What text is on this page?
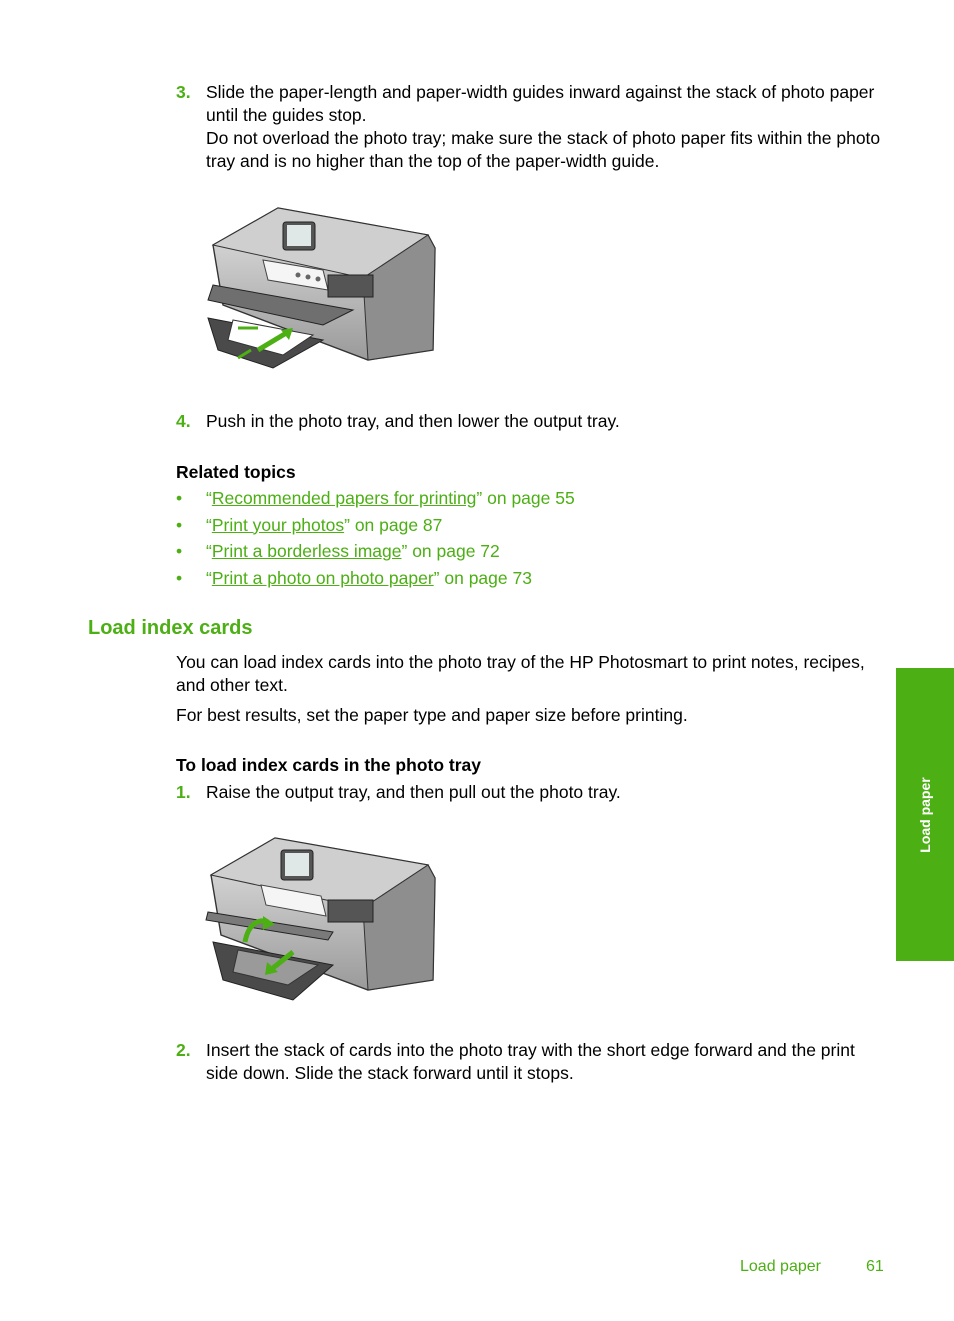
3. Slide the paper-length and paper-width guides inward against the stack of photo paper until the guides stop.
Do not overload the photo tray; make sure the stack of photo paper fits within the photo tray and is no higher than the top of the paper-width guide.
4. Push in the photo tray, and then lower the output tray.
Related topics
• “Recommended papers for printing” on page 55
• “Print your photos” on page 87
• “Print a borderless image” on page 72
• “Print a photo on photo paper” on page 73
Load index cards
You can load index cards into the photo tray of the HP Photosmart to print notes, recipes, and other text.
For best results, set the paper type and paper size before printing.
To load index cards in the photo tray
1. Raise the output tray, and then pull out the photo tray.
2. Insert the stack of cards into the photo tray with the short edge forward and the print side down. Slide the stack forward until it stops.
Load paper
Load paper	61
